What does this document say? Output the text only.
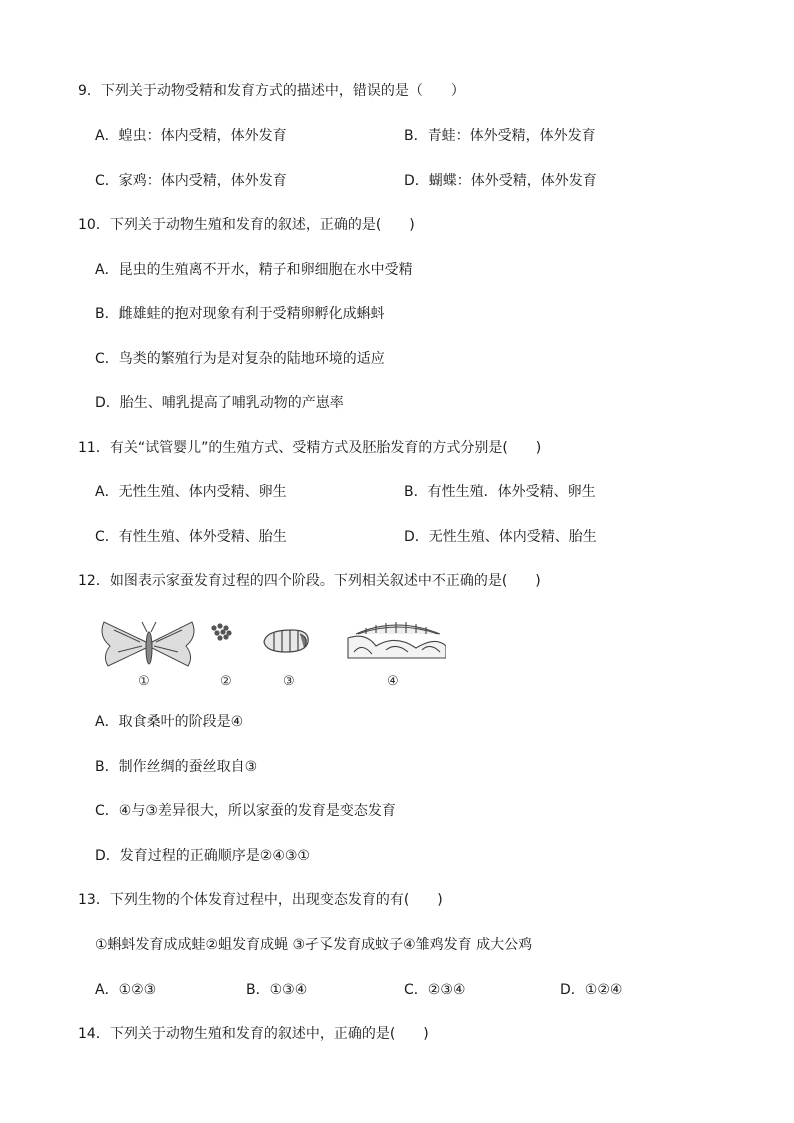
9．下列关于动物受精和发育方式的描述中，错误的是（　　）
A．蝗虫：体内受精，体外发育	B．青蛙：体外受精，体外发育
C．家鸡：体内受精，体外发育	D．蝴蝶：体外受精，体外发育
10．下列关于动物生殖和发育的叙述，正确的是(　　)
A．昆虫的生殖离不开水，精子和卵细胞在水中受精
B．雌雄蛙的抱对现象有利于受精卵孵化成蝌蚪
C．鸟类的繁殖行为是对复杂的陆地环境的适应
D．胎生、哺乳提高了哺乳动物的产崽率
11．有关“试管婴儿”的生殖方式、受精方式及胚胎发育的方式分别是(　　)
A．无性生殖、体内受精、卵生	B．有性生殖．体外受精、卵生
C．有性生殖、体外受精、胎生	D．无性生殖、体内受精、胎生
12．如图表示家蚕发育过程的四个阶段。下列相关叙述中不正确的是(　　)
①	②	③	④
A．取食桑叶的阶段是④
B．制作丝绸的蚕丝取自③
C．④与③差异很大，所以家蚕的发育是变态发育
D．发育过程的正确顺序是②④③①
13．下列生物的个体发育过程中，出现变态发育的有(　　)
①蝌蚪发育成成蛙②蛆发育成蝇 ③孑孓发育成蚊子④雏鸡发育 成大公鸡
A．①②③	B．①③④	C．②③④	D．①②④
14．下列关于动物生殖和发育的叙述中，正确的是(　　)
